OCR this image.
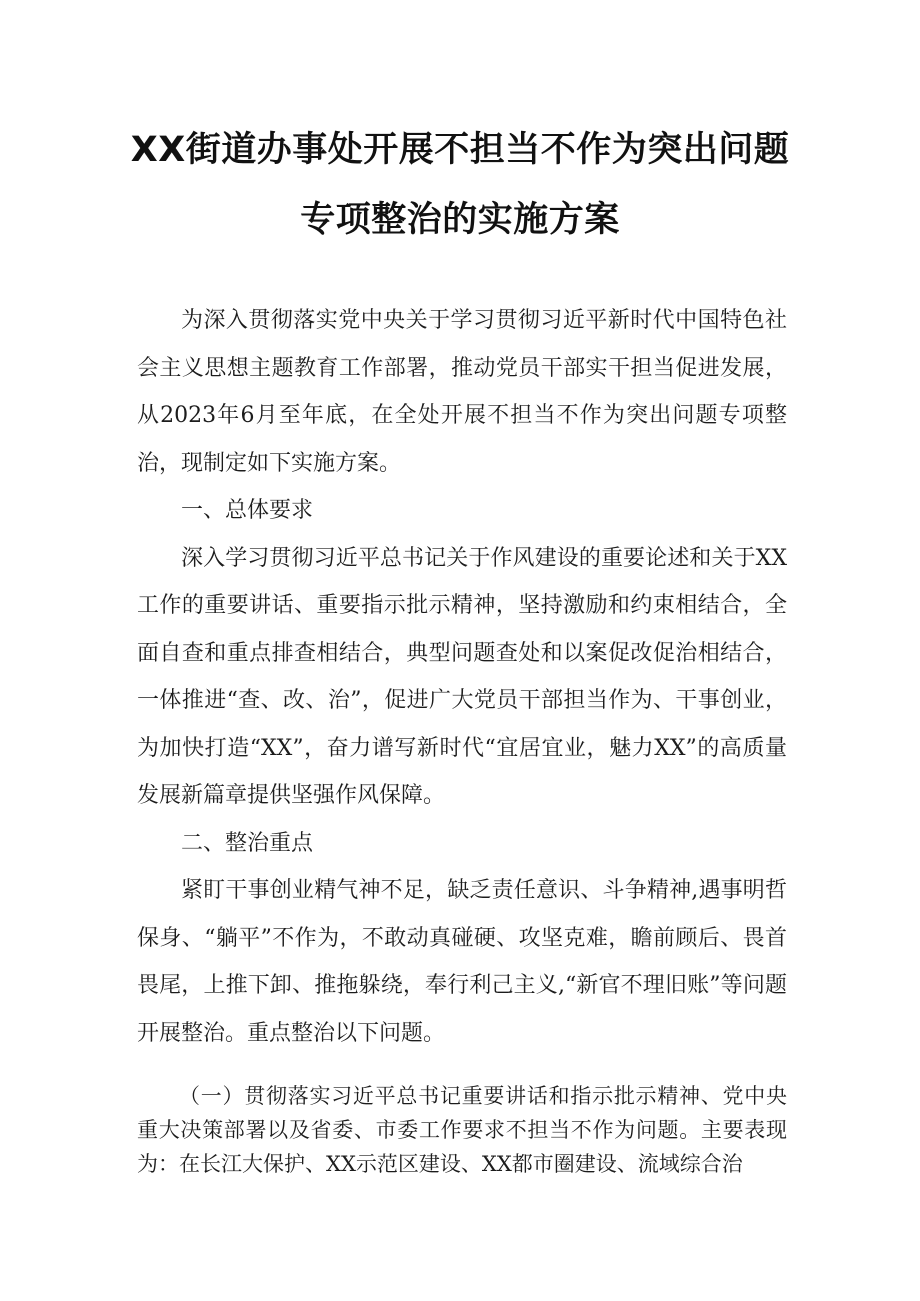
XX街道办事处开展不担当不作为突出问题
专项整治的实施方案

为深入贯彻落实党中央关于学习贯彻习近平新时代中国特色社会主义思想主题教育工作部署，推动党员干部实干担当促进发展，从2023年6月至年底，在全处开展不担当不作为突出问题专项整治，现制定如下实施方案。

一、总体要求

深入学习贯彻习近平总书记关于作风建设的重要论述和关于XX工作的重要讲话、重要指示批示精神，坚持激励和约束相结合，全面自查和重点排查相结合，典型问题查处和以案促改促治相结合，一体推进“查、改、治”，促进广大党员干部担当作为、干事创业，为加快打造“XX”，奋力谱写新时代“宜居宜业，魅力XX”的高质量发展新篇章提供坚强作风保障。

二、整治重点

紧盯干事创业精气神不足，缺乏责任意识、斗争精神,遇事明哲保身、“躺平”不作为，不敢动真碰硬、攻坚克难，瞻前顾后、畏首畏尾，上推下卸、推拖躲绕，奉行利己主义,“新官不理旧账”等问题开展整治。重点整治以下问题。

（一）贯彻落实习近平总书记重要讲话和指示批示精神、党中央重大决策部署以及省委、市委工作要求不担当不作为问题。主要表现为：在长江大保护、XX示范区建设、XX都市圈建设、流域综合治
